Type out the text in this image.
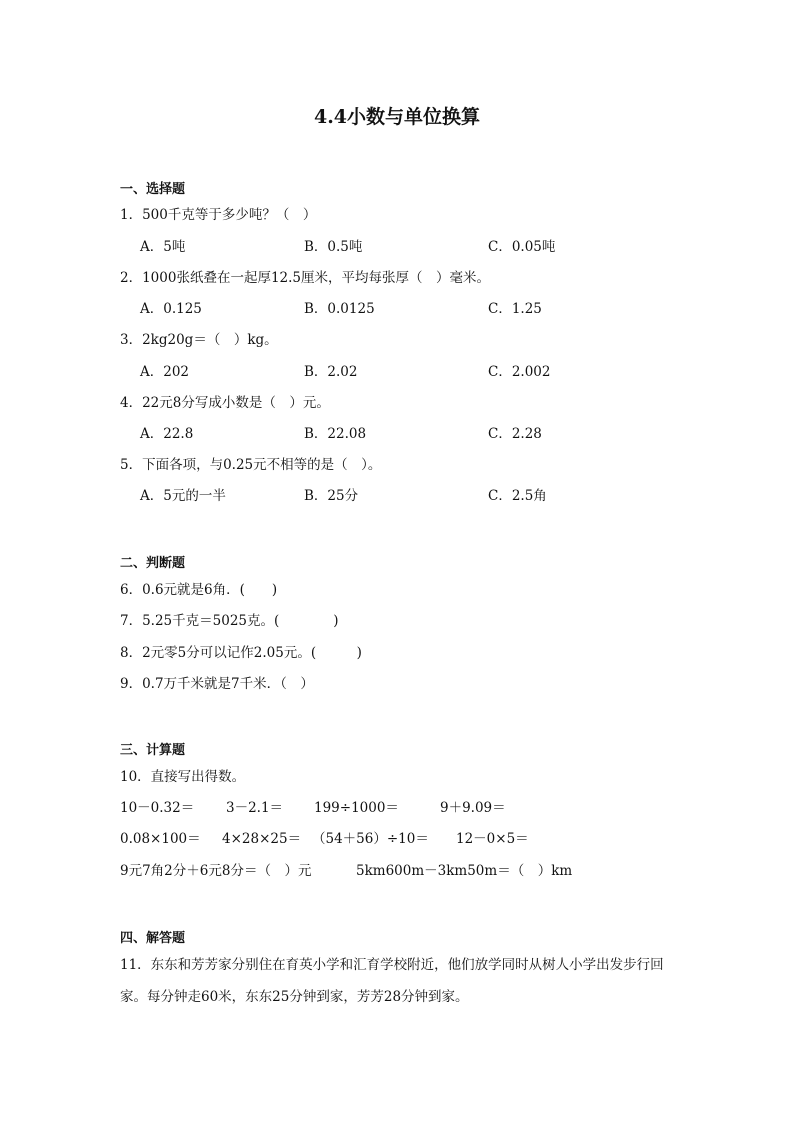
4.4小数与单位换算
一、选择题
1．500千克等于多少吨？（　）
A．5吨	B．0.5吨	C．0.05吨
2．1000张纸叠在一起厚12.5厘米，平均每张厚（　）毫米。
A．0.125	B．0.0125	C．1.25
3．2kg20g＝（　）kg。
A．202	B．2.02	C．2.002
4．22元8分写成小数是（　）元。
A．22.8	B．22.08	C．2.28
5．下面各项，与0.25元不相等的是（　）。
A．5元的一半	B．25分	C．2.5角
二、判断题
6．0.6元就是6角．(　　)
7．5.25千克＝5025克。(　　　　)
8．2元零5分可以记作2.05元。(　　　)
9．0.7万千米就是7千米．（　）
三、计算题
10．直接写出得数。
10－0.32＝ 3－2.1＝ 199÷1000＝	9＋9.09＝
0.08×100＝ 4×28×25＝ （54＋56）÷10＝ 12－0×5＝
9元7角2分＋6元8分＝（　）元	5km600m－3km50m＝（　）km
四、解答题
11．东东和芳芳家分别住在育英小学和汇育学校附近，他们放学同时从树人小学出发步行回
家。每分钟走60米，东东25分钟到家，芳芳28分钟到家。
